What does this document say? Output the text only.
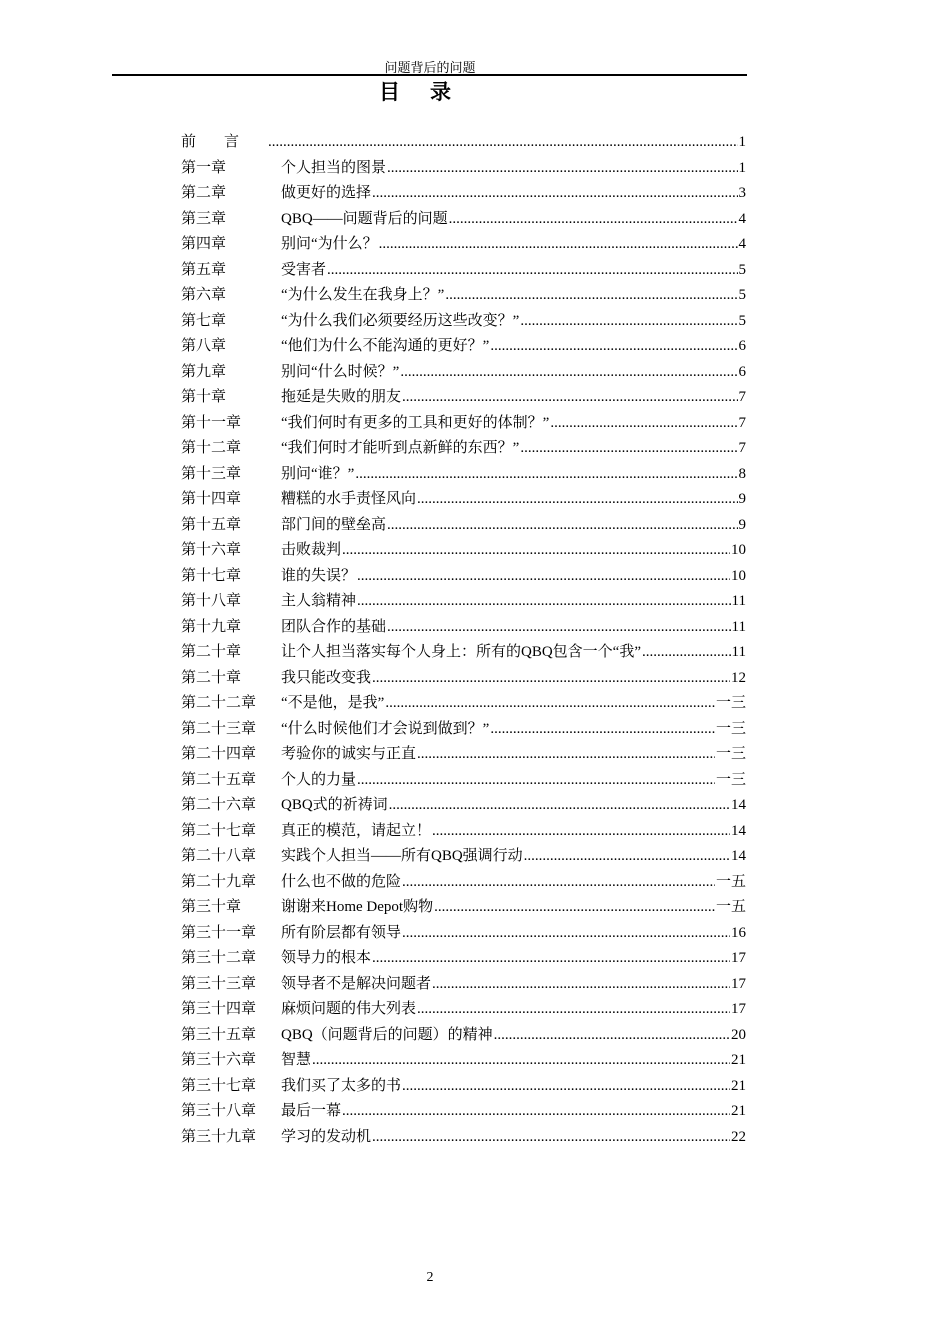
问题背后的问题
目录
前言 .....	1
第一章	个人担当的图景 .....	1
第二章	做更好的选择 .....	3
第三章	QBQ——问题背后的问题 .....	4
第四章	别问“为什么？ .....	4
第五章	受害者 .....	5
第六章	“为什么发生在我身上？” .....	5
第七章	“为什么我们必须要经历这些改变？” .....	5
第八章	“他们为什么不能沟通的更好？” .....	6
第九章	别问“什么时候？” .....	6
第十章	拖延是失败的朋友 .....	7
第十一章	“我们何时有更多的工具和更好的体制？” .....	7
第十二章	“我们何时才能听到点新鲜的东西？” .....	7
第十三章	别问“谁？” .....	8
第十四章	糟糕的水手责怪风向 .....	9
第十五章	部门间的壁垒高 .....	9
第十六章	击败裁判 .....	10
第十七章	谁的失误？ .....	10
第十八章	主人翁精神 .....	11
第十九章	团队合作的基础 .....	11
第二十章	让个人担当落实每个人身上：所有的QBQ包含一个“我” .....	11
第二十章	我只能改变我 .....	12
第二十二章	“不是他，是我” .....	一三
第二十三章	“什么时候他们才会说到做到？” .....	一三
第二十四章	考验你的诚实与正直 .....	一三
第二十五章	个人的力量 .....	一三
第二十六章	QBQ式的祈祷词 .....	14
第二十七章	真正的模范，请起立！ .....	14
第二十八章	实践个人担当——所有QBQ强调行动 .....	14
第二十九章	什么也不做的危险 .....	一五
第三十章	谢谢来Home Depot购物 .....	一五
第三十一章	所有阶层都有领导 .....	16
第三十二章	领导力的根本 .....	17
第三十三章	领导者不是解决问题者 .....	17
第三十四章	麻烦问题的伟大列表 .....	17
第三十五章	QBQ（问题背后的问题）的精神 .....	20
第三十六章	智慧 .....	21
第三十七章	我们买了太多的书 .....	21
第三十八章	最后一幕 .....	21
第三十九章	学习的发动机 .....	22
2
